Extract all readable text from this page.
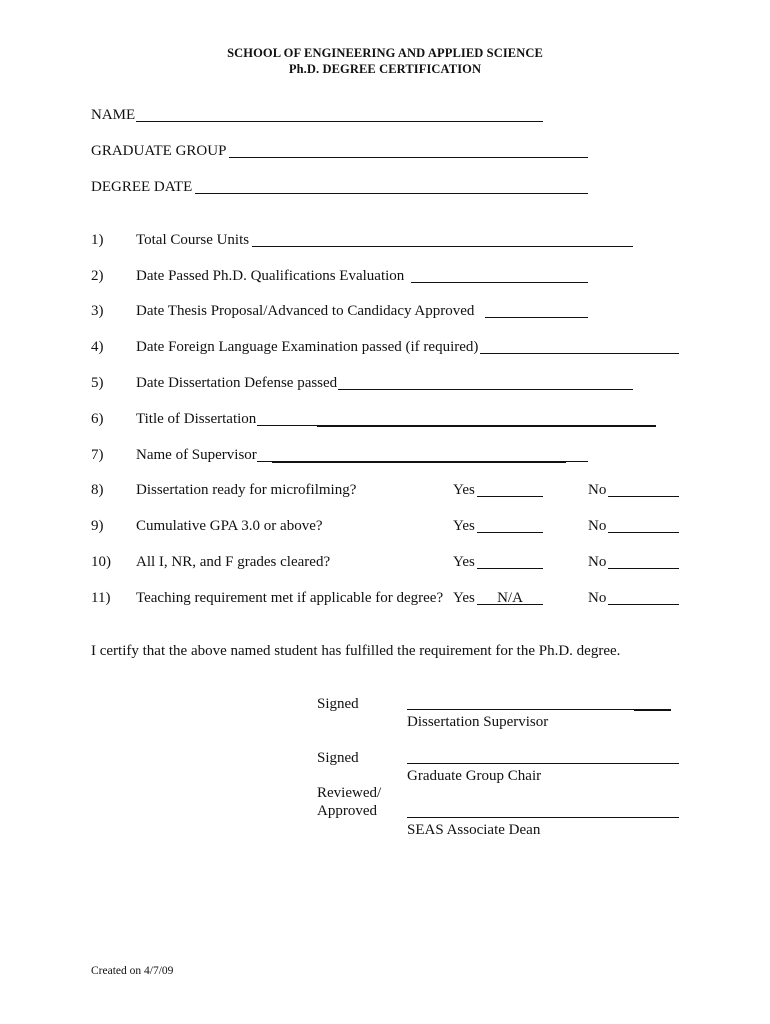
SCHOOL OF ENGINEERING AND APPLIED SCIENCE
Ph.D. DEGREE CERTIFICATION
NAME
GRADUATE GROUP
DEGREE DATE
1) Total Course Units
2) Date Passed Ph.D. Qualifications Evaluation
3) Date Thesis Proposal/Advanced to Candidacy Approved
4) Date Foreign Language Examination passed (if required)
5) Date Dissertation Defense passed
6) Title of Dissertation
7) Name of Supervisor
8) Dissertation ready for microfilming?	Yes	No
9) Cumulative GPA 3.0 or above?	Yes	No
10) All I, NR, and F grades cleared?	Yes	No
11) Teaching requirement met if applicable for degree? Yes	N/A	No
I certify that the above named student has fulfilled the requirement for the Ph.D. degree.
Signed
Dissertation Supervisor
Signed
Graduate Group Chair
Reviewed/
Approved
SEAS Associate Dean
Created on 4/7/09
